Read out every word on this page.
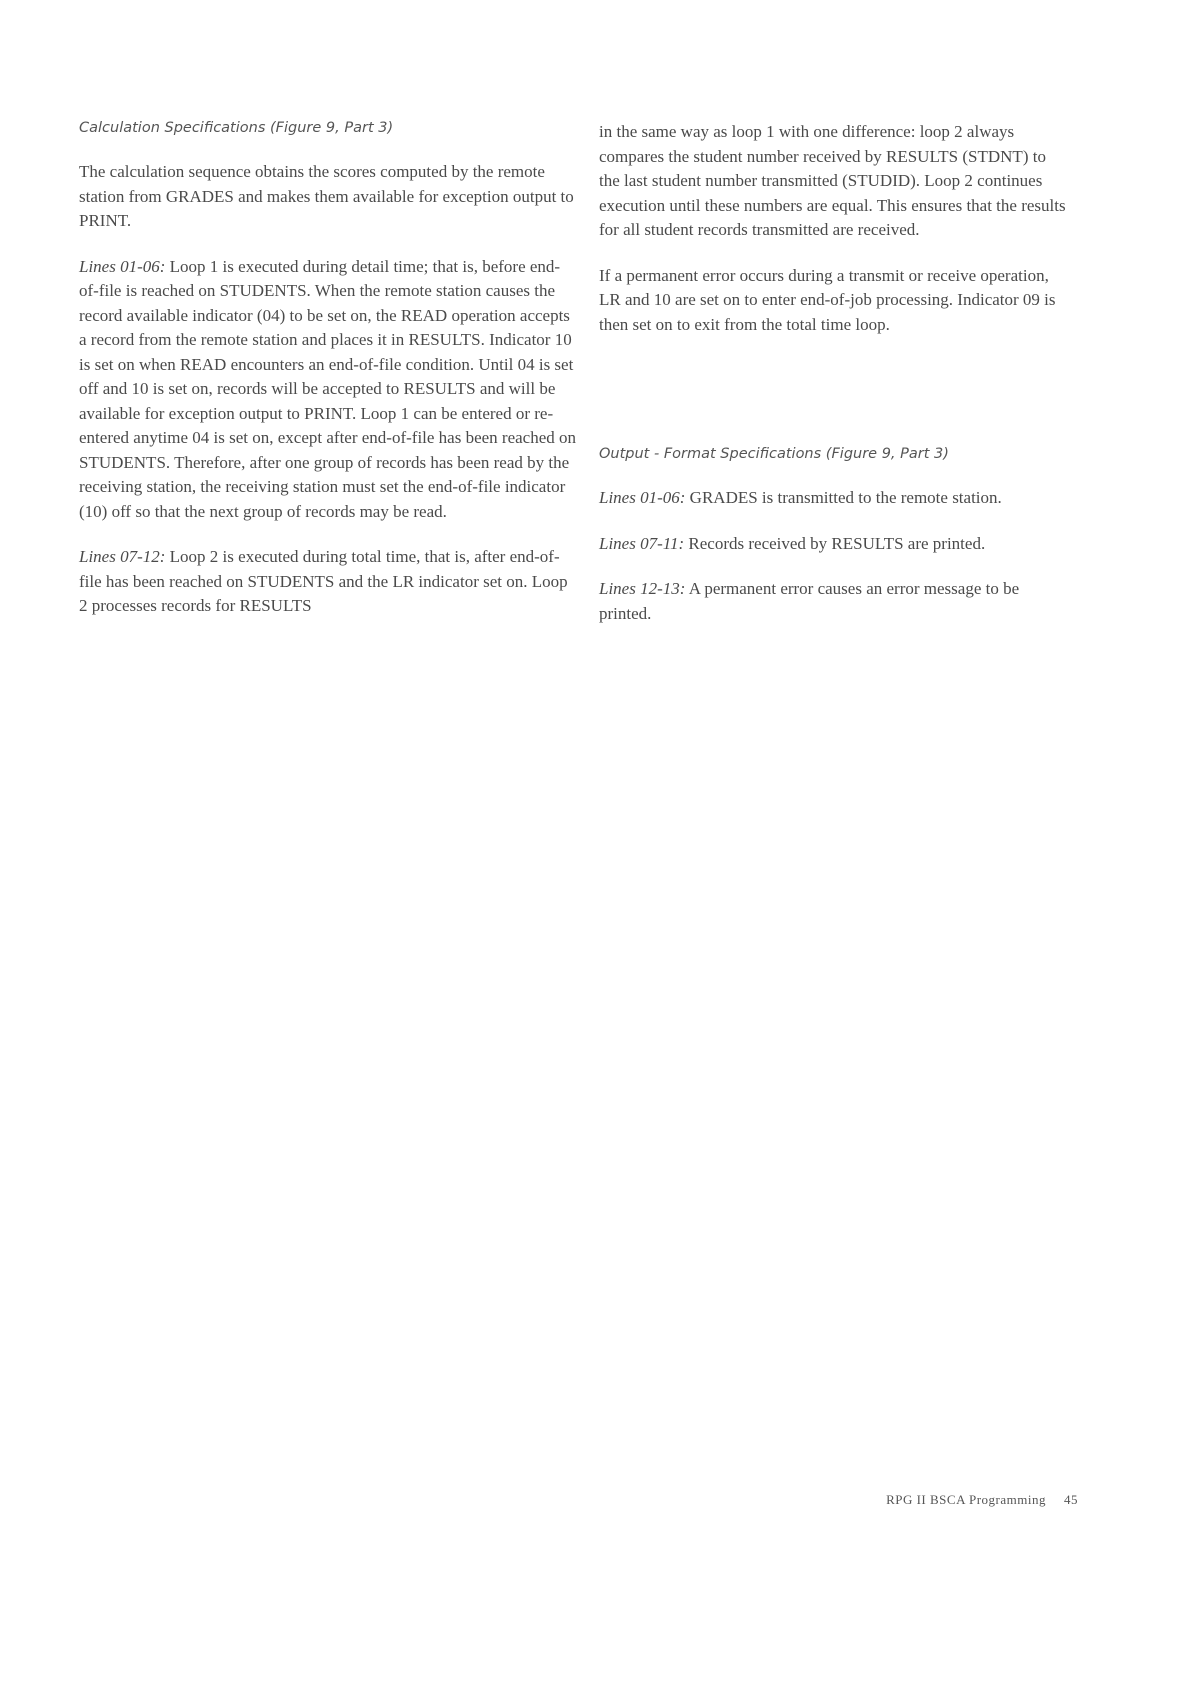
Calculation Specifications (Figure 9, Part 3)

The calculation sequence obtains the scores computed by the remote station from GRADES and makes them available for exception output to PRINT.

Lines 01-06: Loop 1 is executed during detail time; that is, before end-of-file is reached on STUDENTS. When the remote station causes the record available indicator (04) to be set on, the READ operation accepts a record from the remote station and places it in RESULTS. Indicator 10 is set on when READ encounters an end-of-file condition. Until 04 is set off and 10 is set on, records will be accepted to RESULTS and will be available for exception output to PRINT. Loop 1 can be entered or re-entered anytime 04 is set on, except after end-of-file has been reached on STUDENTS. Therefore, after one group of records has been read by the receiving station, the receiving station must set the end-of-file indicator (10) off so that the next group of records may be read.

Lines 07-12: Loop 2 is executed during total time, that is, after end-of-file has been reached on STUDENTS and the LR indicator set on. Loop 2 processes records for RESULTS

in the same way as loop 1 with one difference: loop 2 always compares the student number received by RESULTS (STDNT) to the last student number transmitted (STUDID). Loop 2 continues execution until these numbers are equal. This ensures that the results for all student records transmitted are received.

If a permanent error occurs during a transmit or receive operation, LR and 10 are set on to enter end-of-job processing. Indicator 09 is then set on to exit from the total time loop.

Output - Format Specifications (Figure 9, Part 3)

Lines 01-06: GRADES is transmitted to the remote station.

Lines 07-11: Records received by RESULTS are printed.

Lines 12-13: A permanent error causes an error message to be printed.

RPG II BSCA Programming 45
